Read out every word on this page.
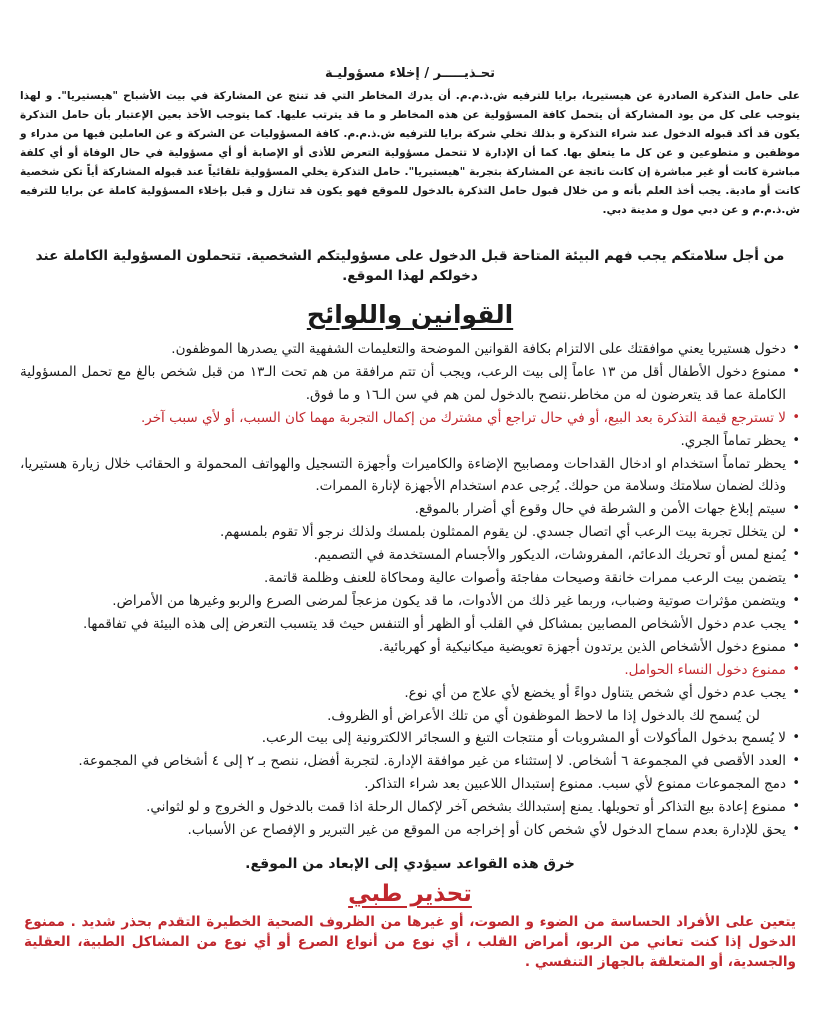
تحـذيـــــر / إخلاء مسؤوليـة

على حامل التذكرة الصادرة عن هيستيريا، برايا للترفيه ش.ذ.م.م. أن يدرك المخاطر التي قد تنتج عن المشاركة في بيت الأشباح "هيستيريا". و لهذا يتوجب على كل من يود المشاركة أن يتحمل كافة المسؤولية عن هذه المخاطر و ما قد يترتب عليها. كما يتوجب الأخذ بعين الإعتبار بأن حامل التذكرة يكون قد أكد قبوله الدخول عند شراء التذكرة و بذلك تخلي شركة برايا للترفيه ش.ذ.م.م. كافة المسؤوليات عن الشركة و عن العاملين فيها من مدراء و موظفين و متطوعين و عن كل ما يتعلق بها. كما أن الإدارة لا تتحمل مسؤولية التعرض للأذى أو الإصابة أو أي مسؤولية في حال الوفاة أو أي كلفة مباشرة كانت أو غير مباشرة إن كانت ناتجة عن المشاركة بتجربة "هيستيريا". حامل التذكرة يخلي المسؤولية تلقائياً عند قبوله المشاركة أياً تكن شخصية كانت أو مادية. يجب أخذ العلم بأنه و من خلال قبول حامل التذكرة بالدخول للموقع فهو يكون قد تنازل و قبل بإخلاء المسؤولية كاملة عن برايا للترفيه ش.ذ.م.م و عن دبي مول و مدينة دبي.

من أجل سلامتكم يجب فهم البيئة المتاحة قبل الدخول على مسؤوليتكم الشخصية. تتحملون المسؤولية الكاملة عند دخولكم لهذا الموقع.

القوانين واللوائح
• دخول هستيريا يعني موافقتك على الالتزام بكافة القوانين الموضحة والتعليمات الشفهية التي يصدرها الموظفون.
• ممنوع دخول الأطفال أقل من ١٣ عاماً إلى بيت الرعب، ويجب أن تتم مرافقة من هم تحت الـ١٣ من قبل شخص بالغ مع تحمل المسؤولية الكاملة عما قد يتعرضون له من مخاطر.ننصح بالدخول لمن هم في سن الـ١٦ و ما فوق.
• لا تسترجع قيمة التذكرة بعد البيع، أو في حال تراجع أي مشترك من إكمال التجربة مهما كان السبب، أو لأي سبب آخر.
• يحظر تماماً الجري.
• يحظر تماماً استخدام او ادخال القداحات ومصابيح الإضاءة والكاميرات وأجهزة التسجيل والهواتف المحمولة و الحقائب خلال زيارة هستيريا، وذلك لضمان سلامتك وسلامة من حولك. يُرجى عدم استخدام الأجهزة لإنارة الممرات.
• سيتم إبلاغ جهات الأمن و الشرطة في حال وقوع أي أضرار بالموقع.
• لن يتخلل تجربة بيت الرعب أي اتصال جسدي. لن يقوم الممثلون بلمسك ولذلك نرجو ألا تقوم بلمسهم.
• يُمنع لمس أو تحريك الدعائم، المفروشات، الديكور والأجسام المستخدمة في التصميم.
• يتضمن بيت الرعب ممرات خانقة وصيحات مفاجئة وأصوات عالية ومحاكاة للعنف وظلمة قاتمة.
• ويتضمن مؤثرات صوتية وضباب، وربما غير ذلك من الأدوات، ما قد يكون مزعجاً لمرضى الصرع والربو وغيرها من الأمراض.
• يجب عدم دخول الأشخاص المصابين بمشاكل في القلب أو الظهر أو التنفس حيث قد يتسبب التعرض إلى هذه البيئة في تفاقمها.
• ممنوع دخول الأشخاص الذين يرتدون أجهزة تعويضية ميكانيكية أو كهربائية.
• ممنوع دخول النساء الحوامل.
• يجب عدم دخول أي شخص يتناول دواءً أو يخضع لأي علاج من أي نوع.
لن يُسمح لك بالدخول إذا ما لاحظ الموظفون أي من تلك الأعراض أو الظروف.
• لا يُسمح بدخول المأكولات أو المشروبات أو منتجات التبغ و السجائر الالكترونية إلى بيت الرعب.
• العدد الأقصى في المجموعة ٦ أشخاص. لا إستثناء من غير موافقة الإدارة. لتجربة أفضل، ننصح بـ ٢ إلى ٤ أشخاص في المجموعة.
• دمج المجموعات ممنوع لأي سبب. ممنوع إستبدال اللاعبين بعد شراء التذاكر.
• ممنوع إعادة بيع التذاكر أو تحويلها. يمنع إستبدالك بشخص آخر لإكمال الرحلة اذا قمت بالدخول و الخروج و لو لثواني.
• يحق للإدارة بعدم سماح الدخول لأي شخص كان أو إخراجه من الموقع من غير التبرير و الإفصاح عن الأسباب.

خرق هذه القواعد سيؤدي إلى الإبعاد من الموقع.

تحذير طبي

يتعين على الأفراد الحساسة من الضوء و الصوت، أو غيرها من الظروف الصحية الخطيرة التقدم بحذر شديد . ممنوع الدخول إذا كنت تعاني من الربو، أمراض القلب ، أي نوع من أنواع الصرع أو أي نوع من المشاكل الطبية، العقلية والجسدية، أو المتعلقة بالجهاز التنفسي .
